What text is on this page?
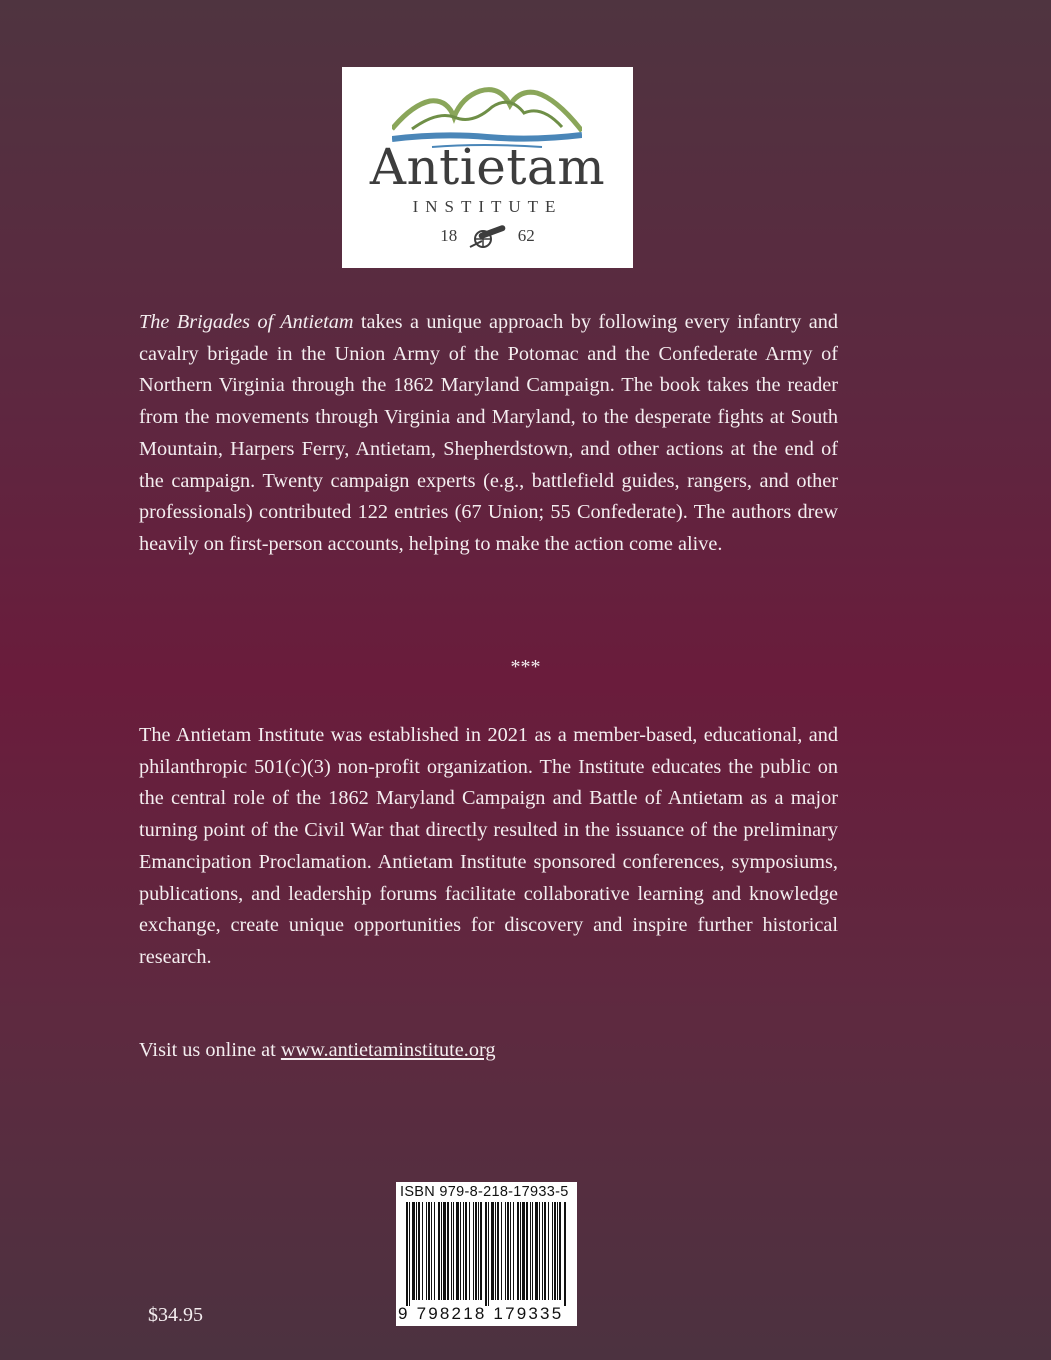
Antietam
INSTITUTE
18	62
The Brigades of Antietam takes a unique approach by following every infantry and cavalry brigade in the Union Army of the Potomac and the Confederate Army of Northern Virginia through the 1862 Maryland Campaign. The book takes the reader from the movements through Virginia and Maryland, to the desperate fights at South Mountain, Harpers Ferry, Antietam, Shepherdstown, and other actions at the end of the campaign. Twenty campaign experts (e.g., battlefield guides, rangers, and other professionals) contributed 122 entries (67 Union; 55 Confederate). The authors drew heavily on first-person accounts, helping to make the action come alive.
***
The Antietam Institute was established in 2021 as a member-based, educational, and philanthropic 501(c)(3) non-profit organization. The Institute educates the public on the central role of the 1862 Maryland Campaign and Battle of Antietam as a major turning point of the Civil War that directly resulted in the issuance of the preliminary Emancipation Proclamation. Antietam Institute sponsored conferences, symposiums, publications, and leadership forums facilitate collaborative learning and knowledge exchange, create unique opportunities for discovery and inspire further historical research.
Visit us online at www.antietaminstitute.org
ISBN 979-8-218-17933-5
9 798218 179335
$34.95
